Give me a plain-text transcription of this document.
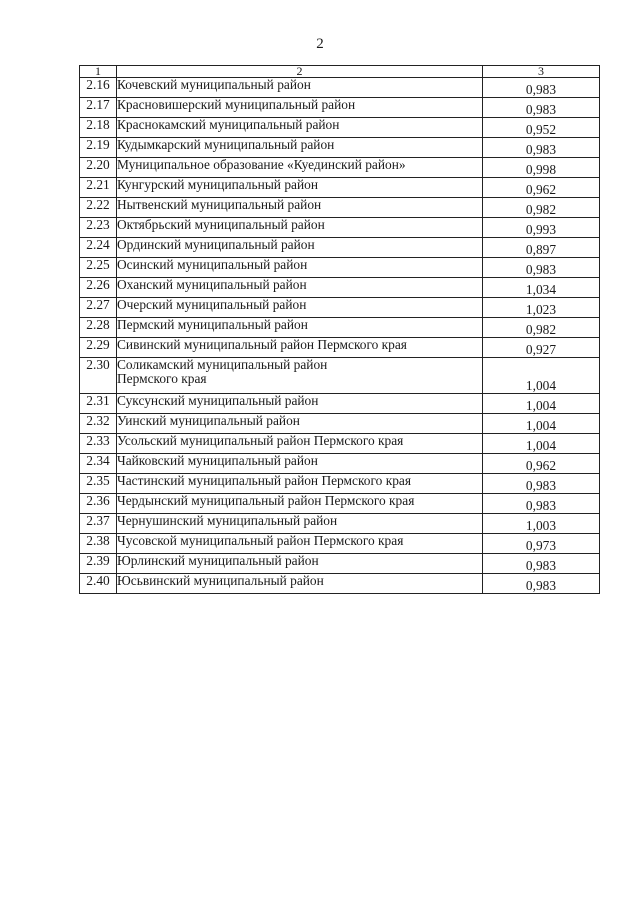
2
1	2	3
2.16	Кочевский муниципальный район	0,983
2.17	Красновишерский муниципальный район	0,983
2.18	Краснокамский муниципальный район	0,952
2.19	Кудымкарский муниципальный район	0,983
2.20	Муниципальное образование «Куединский район»	0,998
2.21	Кунгурский муниципальный район	0,962
2.22	Нытвенский муниципальный район	0,982
2.23	Октябрьский муниципальный район	0,993
2.24	Ординский муниципальный район	0,897
2.25	Осинский муниципальный район	0,983
2.26	Оханский муниципальный район	1,034
2.27	Очерский муниципальный район	1,023
2.28	Пермский муниципальный район	0,982
2.29	Сивинский муниципальный район Пермского края	0,927
2.30	Соликамский муниципальный район
Пермского края	1,004
2.31	Суксунский муниципальный район	1,004
2.32	Уинский муниципальный район	1,004
2.33	Усольский муниципальный район Пермского края	1,004
2.34	Чайковский муниципальный район	0,962
2.35	Частинский муниципальный район Пермского края	0,983
2.36	Чердынский муниципальный район Пермского края	0,983
2.37	Чернушинский муниципальный район	1,003
2.38	Чусовской муниципальный район Пермского края	0,973
2.39	Юрлинский муниципальный район	0,983
2.40	Юсьвинский муниципальный район	0,983
